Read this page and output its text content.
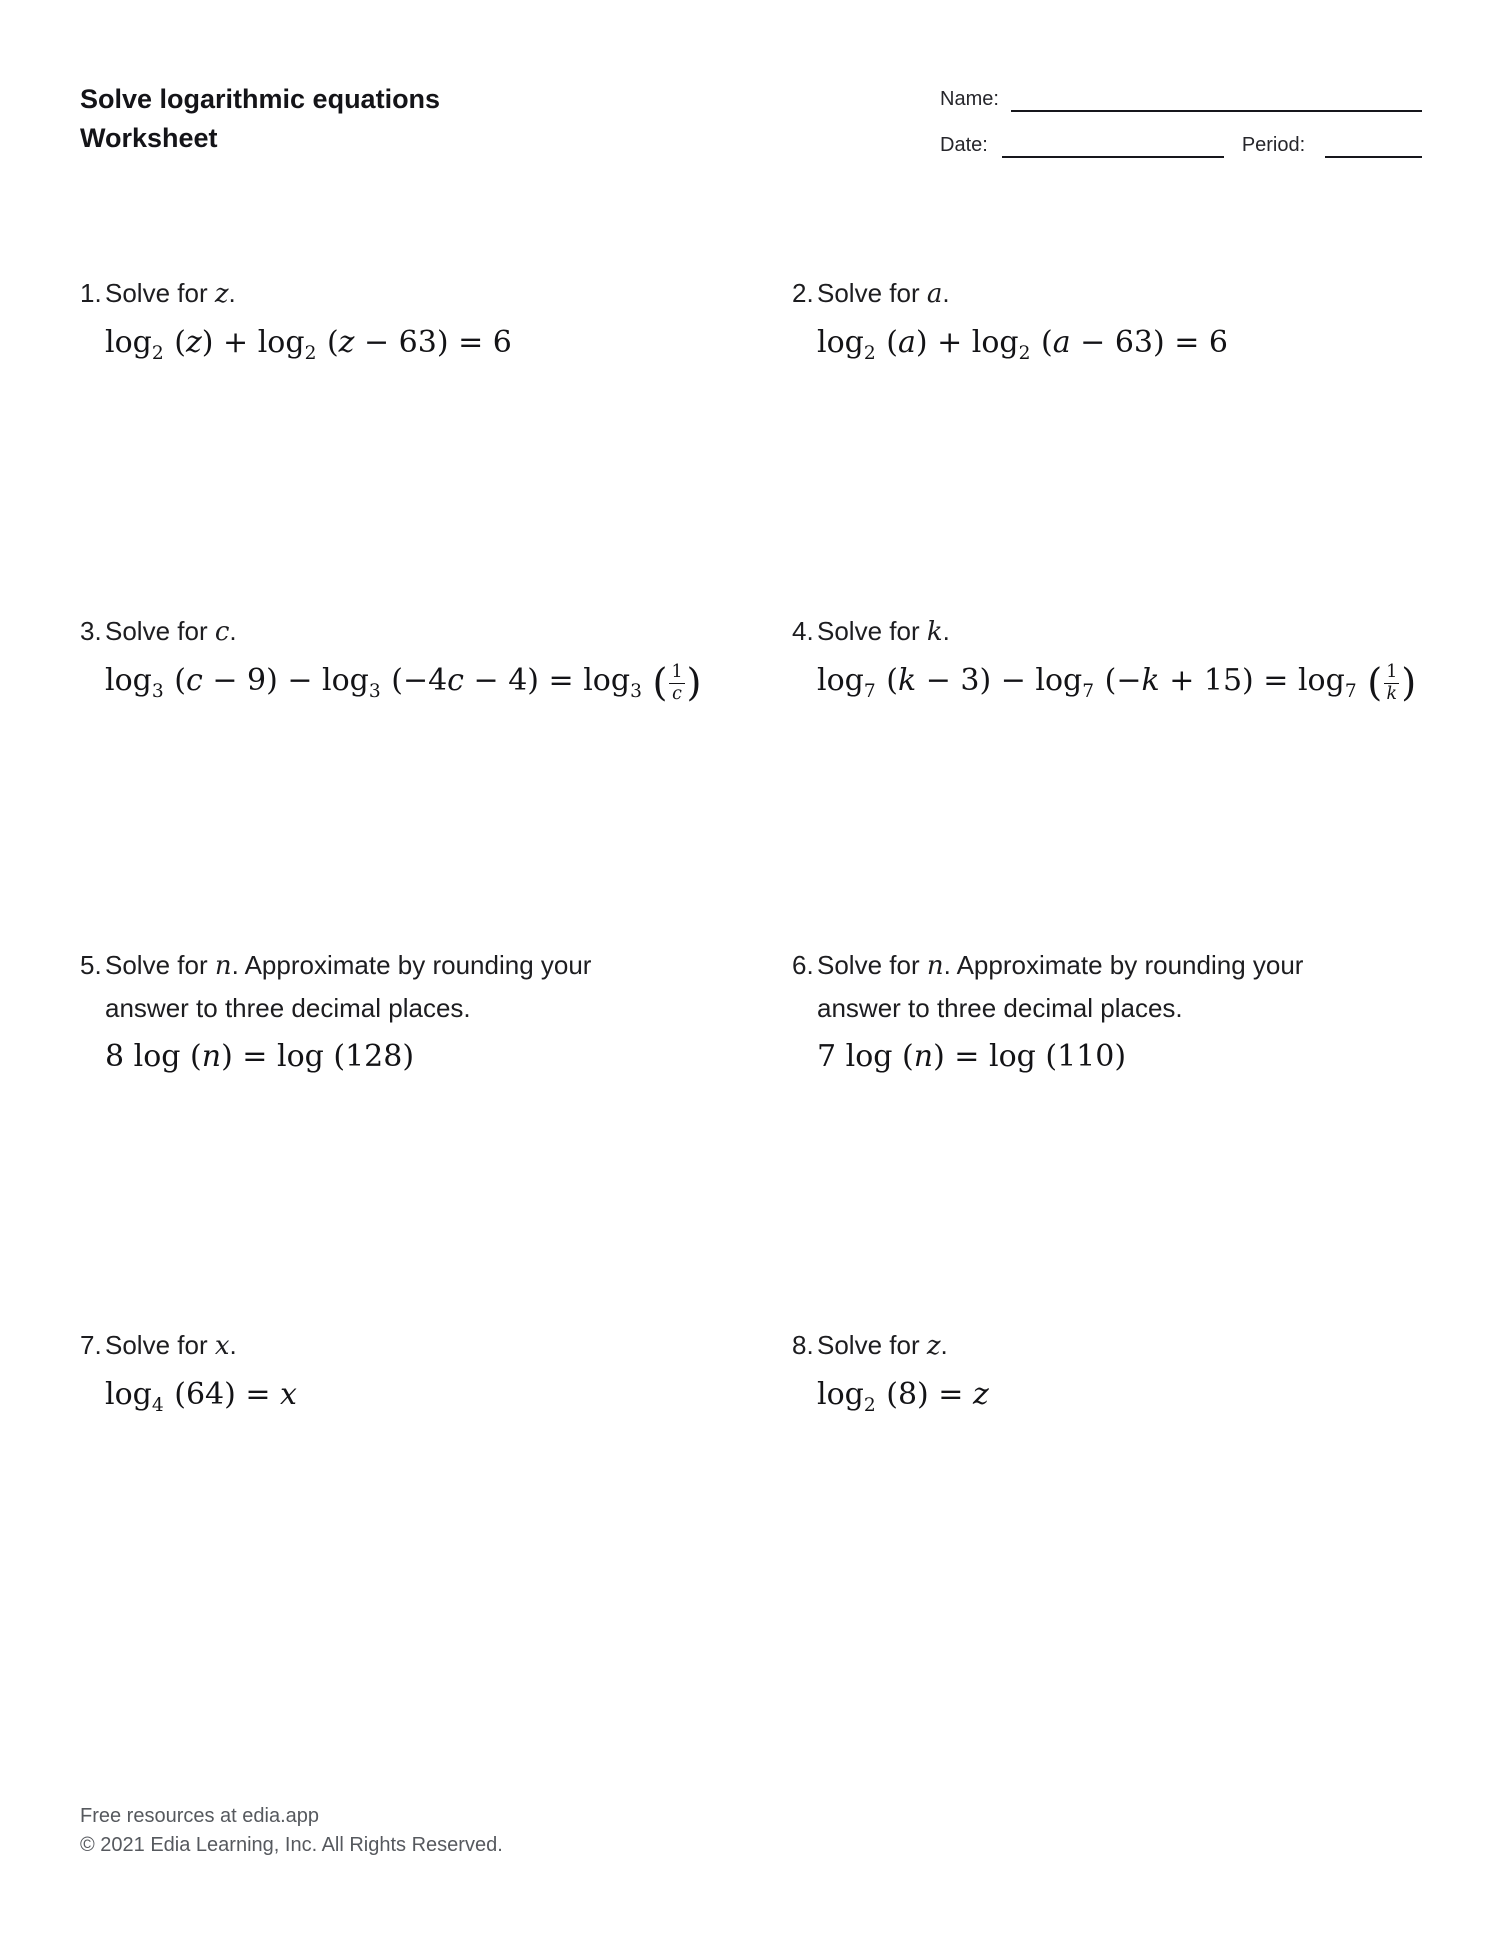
Solve logarithmic equations
Worksheet
Name:
Date:	Period:
1. Solve for z.
$\log_2 (z) + \log_2 (z - 63) = 6$
2. Solve for a.
$\log_2 (a) + \log_2 (a - 63) = 6$
3. Solve for c.
$\log_3 (c - 9) - \log_3 (-4c - 4) = \log_3$ ( $\frac{1}{c}$ )
4. Solve for k.
$\log_7 (k - 3) - \log_7 (-k + 15) = \log_7$ ( $\frac{1}{k}$ )
5. Solve for n. Approximate by rounding your answer to three decimal places.
8 log (n) = log (128)
6. Solve for n. Approximate by rounding your answer to three decimal places.
7 log (n) = log (110)
7. Solve for x.
$\log_4 (64) = x$
8. Solve for z.
$\log_2 (8) = z$
Free resources at edia.app
© 2021 Edia Learning, Inc. All Rights Reserved.
